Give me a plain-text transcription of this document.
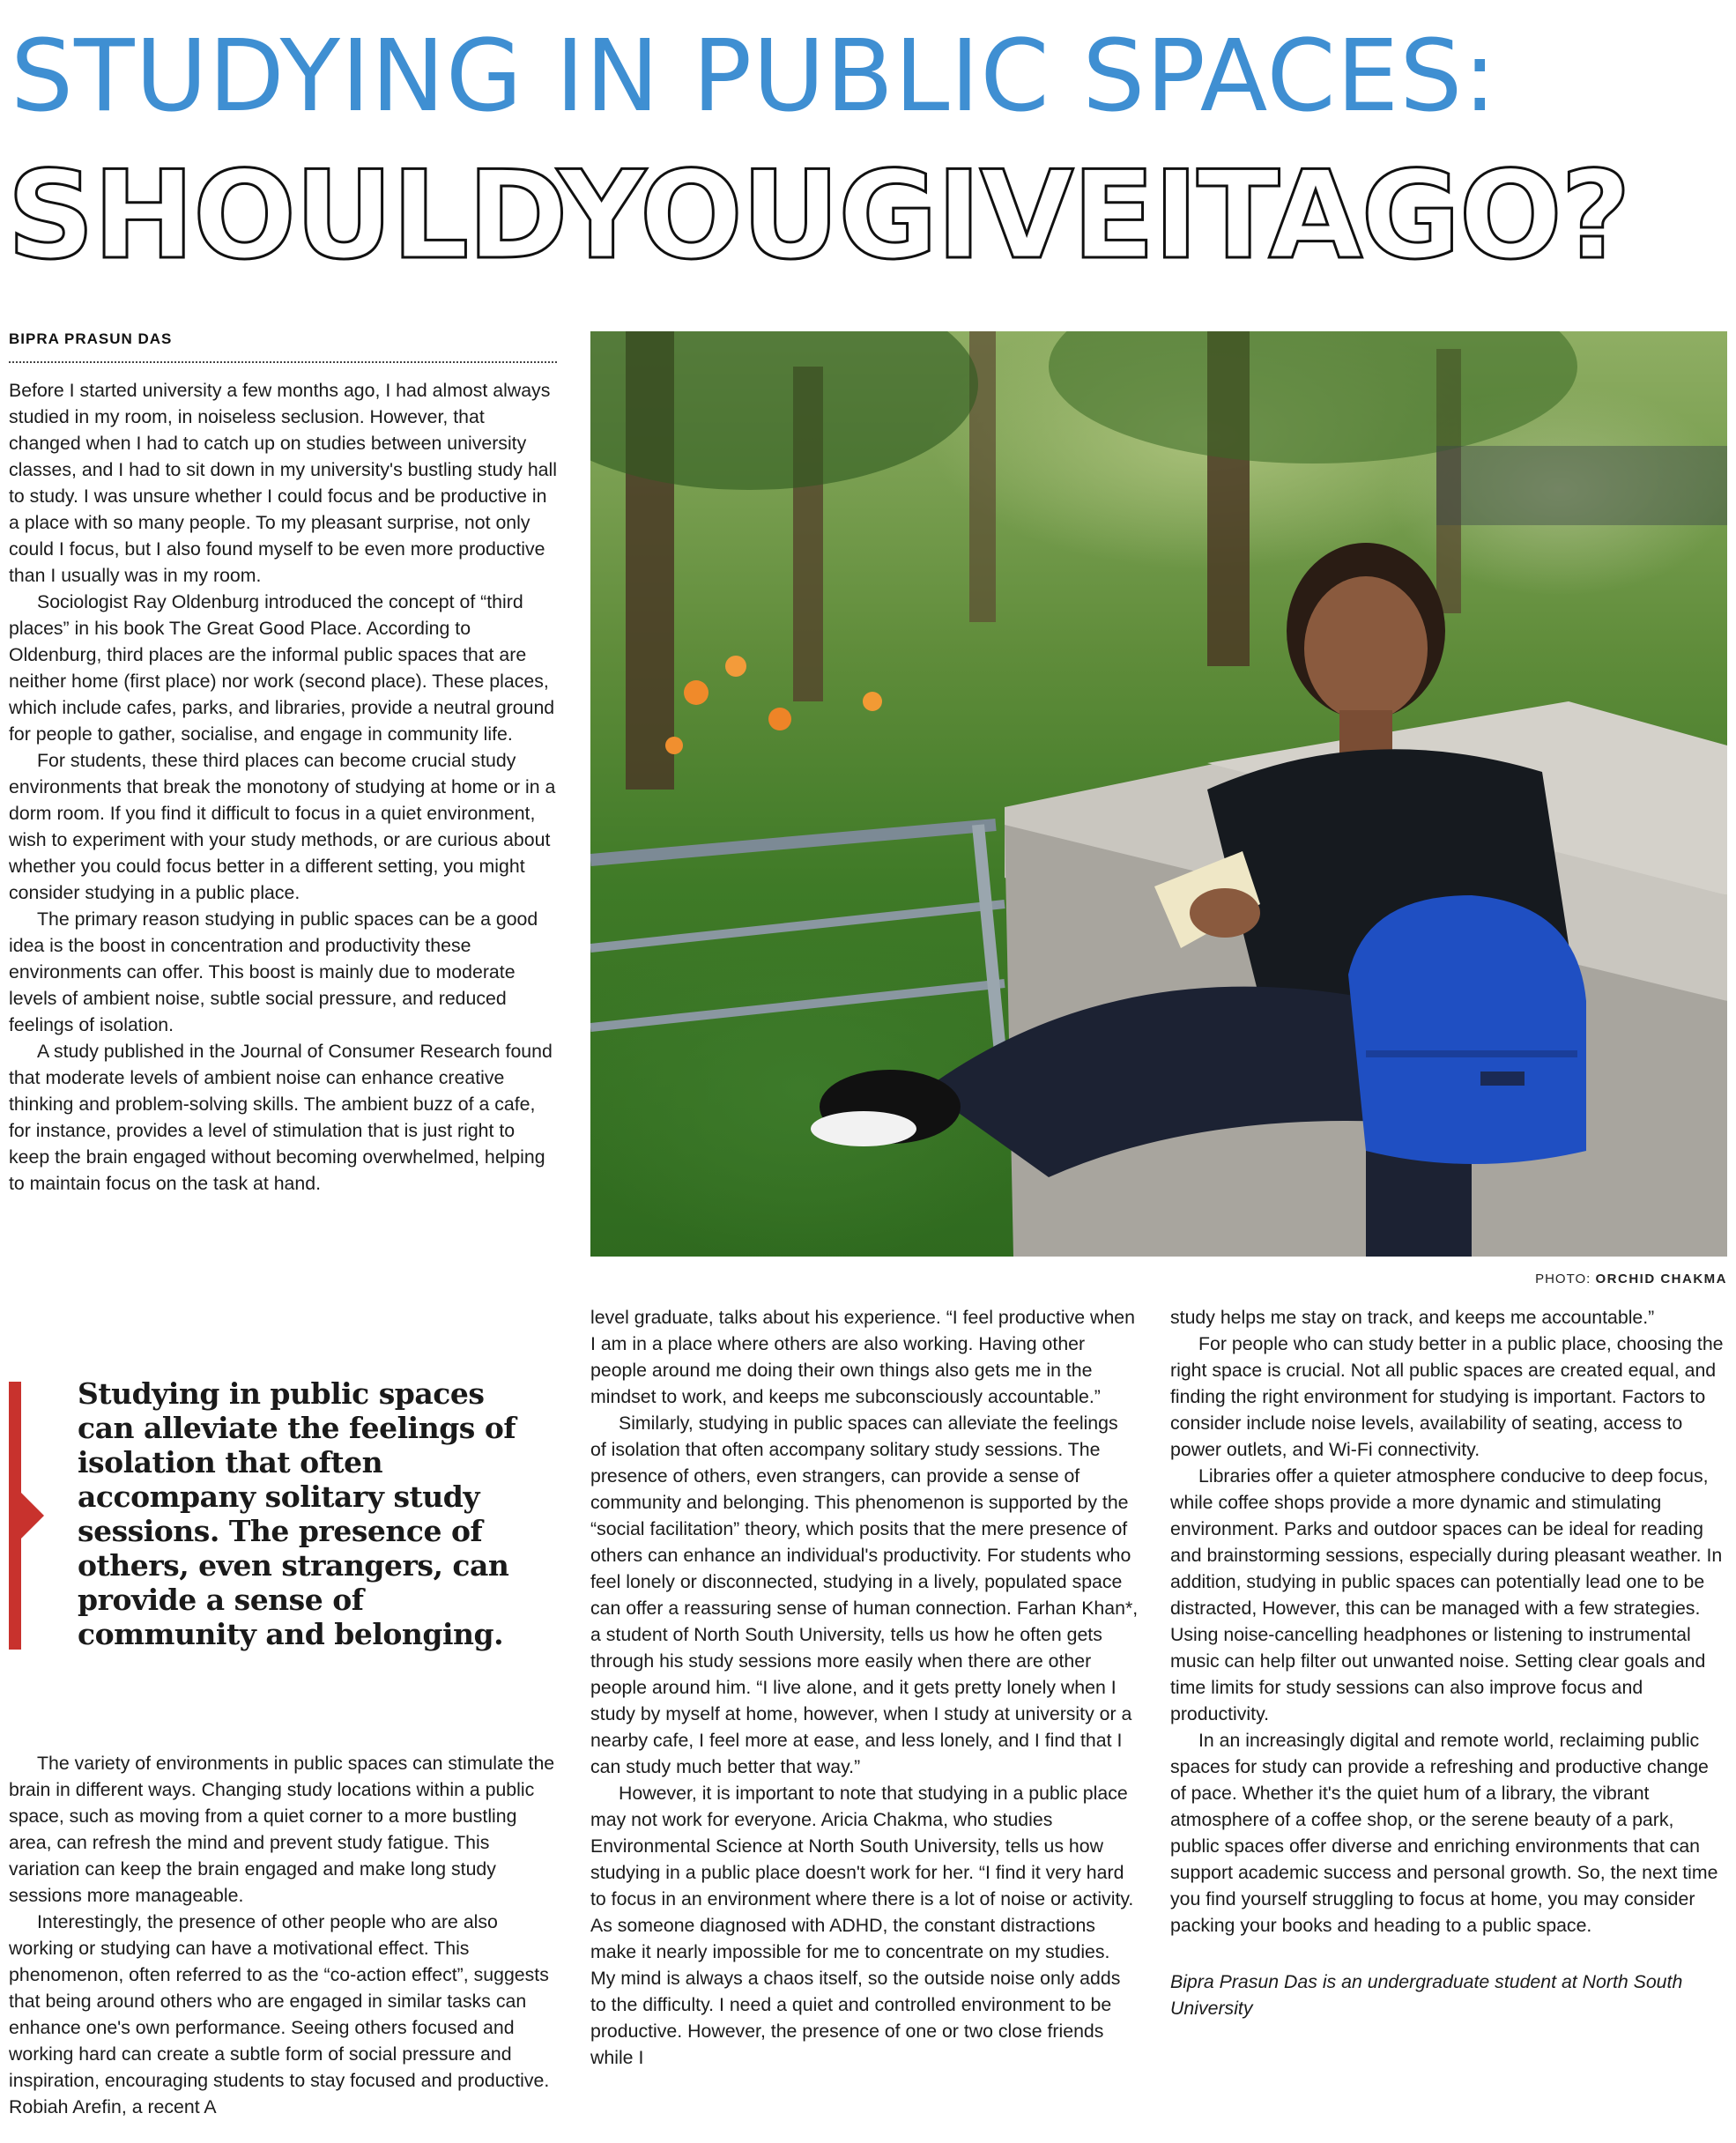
STUDYING IN PUBLIC SPACES:
SHOULDYOUGIVEITAGO?
BIPRA PRASUN DAS

Before I started university a few months ago, I had almost always studied in my room, in noiseless seclusion. However, that changed when I had to catch up on studies between university classes, and I had to sit down in my university's bustling study hall to study. I was unsure whether I could focus and be productive in a place with so many people. To my pleasant surprise, not only could I focus, but I also found myself to be even more productive than I usually was in my room.

Sociologist Ray Oldenburg introduced the concept of “third places” in his book The Great Good Place. According to Oldenburg, third places are the informal public spaces that are neither home (first place) nor work (second place). These places, which include cafes, parks, and libraries, provide a neutral ground for people to gather, socialise, and engage in community life.

For students, these third places can become crucial study environments that break the monotony of studying at home or in a dorm room. If you find it difficult to focus in a quiet environment, wish to experiment with your study methods, or are curious about whether you could focus better in a different setting, you might consider studying in a public place.

The primary reason studying in public spaces can be a good idea is the boost in concentration and productivity these environments can offer. This boost is mainly due to moderate levels of ambient noise, subtle social pressure, and reduced feelings of isolation.

A study published in the Journal of Consumer Research found that moderate levels of ambient noise can enhance creative thinking and problem-solving skills. The ambient buzz of a cafe, for instance, provides a level of stimulation that is just right to keep the brain engaged without becoming overwhelmed, helping to maintain focus on the task at hand.

PHOTO: ORCHID CHAKMA
Studying in public spaces can alleviate the feelings of isolation that often accompany solitary study sessions. The presence of others, even strangers, can provide a sense of community and belonging.

The variety of environments in public spaces can stimulate the brain in different ways. Changing study locations within a public space, such as moving from a quiet corner to a more bustling area, can refresh the mind and prevent study fatigue. This variation can keep the brain engaged and make long study sessions more manageable.

Interestingly, the presence of other people who are also working or studying can have a motivational effect. This phenomenon, often referred to as the “co-action effect”, suggests that being around others who are engaged in similar tasks can enhance one's own performance. Seeing others focused and working hard can create a subtle form of social pressure and inspiration, encouraging students to stay focused and productive. Robiah Arefin, a recent A

level graduate, talks about his experience. “I feel productive when I am in a place where others are also working. Having other people around me doing their own things also gets me in the mindset to work, and keeps me subconsciously accountable.”

Similarly, studying in public spaces can alleviate the feelings of isolation that often accompany solitary study sessions. The presence of others, even strangers, can provide a sense of community and belonging. This phenomenon is supported by the “social facilitation” theory, which posits that the mere presence of others can enhance an individual's productivity. For students who feel lonely or disconnected, studying in a lively, populated space can offer a reassuring sense of human connection. Farhan Khan*, a student of North South University, tells us how he often gets through his study sessions more easily when there are other people around him. “I live alone, and it gets pretty lonely when I study by myself at home, however, when I study at university or a nearby cafe, I feel more at ease, and less lonely, and I find that I can study much better that way.”

However, it is important to note that studying in a public place may not work for everyone. Aricia Chakma, who studies Environmental Science at North South University, tells us how studying in a public place doesn't work for her. “I find it very hard to focus in an environment where there is a lot of noise or activity. As someone diagnosed with ADHD, the constant distractions make it nearly impossible for me to concentrate on my studies. My mind is always a chaos itself, so the outside noise only adds to the difficulty. I need a quiet and controlled environment to be productive. However, the presence of one or two close friends while I

study helps me stay on track, and keeps me accountable.”

For people who can study better in a public place, choosing the right space is crucial. Not all public spaces are created equal, and finding the right environment for studying is important. Factors to consider include noise levels, availability of seating, access to power outlets, and Wi-Fi connectivity.

Libraries offer a quieter atmosphere conducive to deep focus, while coffee shops provide a more dynamic and stimulating environment. Parks and outdoor spaces can be ideal for reading and brainstorming sessions, especially during pleasant weather. In addition, studying in public spaces can potentially lead one to be distracted, However, this can be managed with a few strategies. Using noise-cancelling headphones or listening to instrumental music can help filter out unwanted noise. Setting clear goals and time limits for study sessions can also improve focus and productivity.

In an increasingly digital and remote world, reclaiming public spaces for study can provide a refreshing and productive change of pace. Whether it's the quiet hum of a library, the vibrant atmosphere of a coffee shop, or the serene beauty of a park, public spaces offer diverse and enriching environments that can support academic success and personal growth. So, the next time you find yourself struggling to focus at home, you may consider packing your books and heading to a public space.

Bipra Prasun Das is an undergraduate student at North South University
